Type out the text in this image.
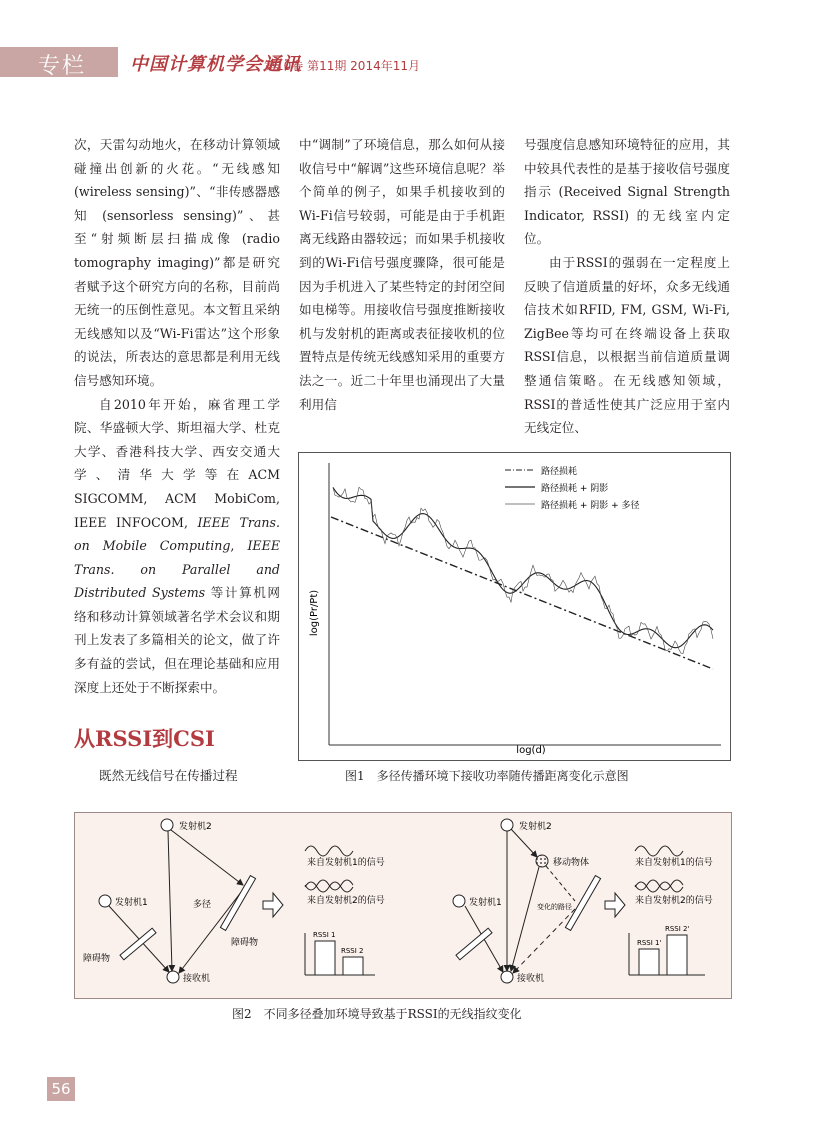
专栏 中国计算机学会通讯
第10卷 第11期 2014年11月

次，天雷勾动地火，在移动计算领域碰撞出创新的火花。“无线感知 (wireless sensing)”、“非传感器感知 (sensorless sensing)”、甚至“射频断层扫描成像 (radio tomography imaging)”都是研究者赋予这个研究方向的名称，目前尚无统一的压倒性意见。本文暂且采纳无线感知以及“Wi-Fi雷达”这个形象的说法，所表达的意思都是利用无线信号感知环境。

自2010年开始，麻省理工学院、华盛顿大学、斯坦福大学、杜克大学、香港科技大学、西安交通大学、清华大学等在ACM SIGCOMM, ACM MobiCom, IEEE INFOCOM, IEEE Trans. on Mobile Computing, IEEE Trans. on Parallel and Distributed Systems 等计算机网络和移动计算领域著名学术会议和期刊上发表了多篇相关的论文，做了许多有益的尝试，但在理论基础和应用深度上还处于不断探索中。

从RSSI到CSI
既然无线信号在传播过程

中“调制”了环境信息，那么如何从接收信号中“解调”这些环境信息呢？举个简单的例子，如果手机接收到的Wi-Fi信号较弱，可能是由于手机距离无线路由器较远；而如果手机接收到的Wi-Fi信号强度骤降，很可能是因为手机进入了某些特定的封闭空间如电梯等。用接收信号强度推断接收机与发射机的距离或表征接收机的位置特点是传统无线感知采用的重要方法之一。近二十年里也涌现出了大量利用信

号强度信息感知环境特征的应用，其中较具代表性的是基于接收信号强度指示 (Received Signal Strength Indicator, RSSI) 的无线室内定位。

由于RSSI的强弱在一定程度上反映了信道质量的好坏，众多无线通信技术如RFID, FM, GSM, Wi-Fi, ZigBee等均可在终端设备上获取RSSI信息，以根据当前信道质量调整通信策略。在无线感知领域，RSSI的普适性使其广泛应用于室内无线定位、

log(Pr/Pt)
log(d)
路径损耗
路径损耗 + 阴影
路径损耗 + 阴影 + 多径
图1　多径传播环境下接收功率随传播距离变化示意图
发射机2
发射机1
接收机
障碍物
障碍物
多径
来自发射机1的信号
来自发射机2的信号
RSSI 1
RSSI 2
发射机2
发射机1
接收机
移动物体
变化的路径
来自发射机1的信号
来自发射机2的信号
RSSI 1'
RSSI 2'
图2　不同多径叠加环境导致基于RSSI的无线指纹变化
56
